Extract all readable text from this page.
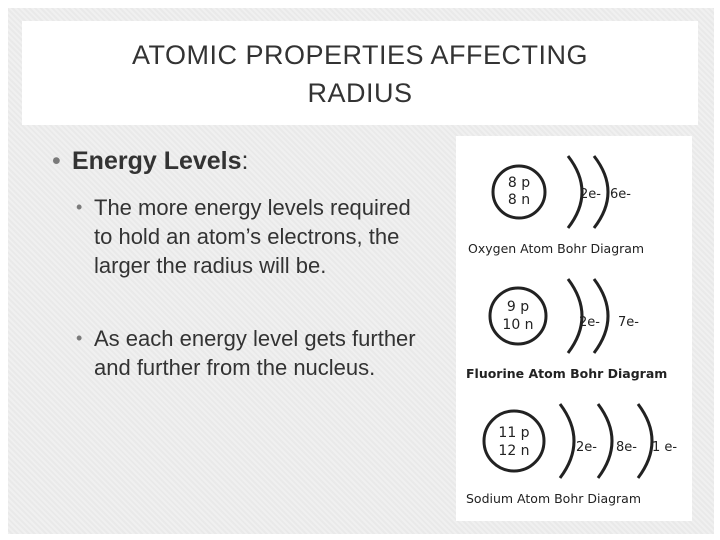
ATOMIC PROPERTIES AFFECTING RADIUS
• Energy Levels:
• The more energy levels required to hold an atom’s electrons, the larger the radius will be.
• As each energy level gets further and further from the nucleus.
8 p
8 n	2e- 6e-
Oxygen Atom Bohr Diagram
9 p
10 n	2e- 7e-
Fluorine Atom Bohr Diagram
11 p
12 n	2e- 8e- 1 e-
Sodium Atom Bohr Diagram
